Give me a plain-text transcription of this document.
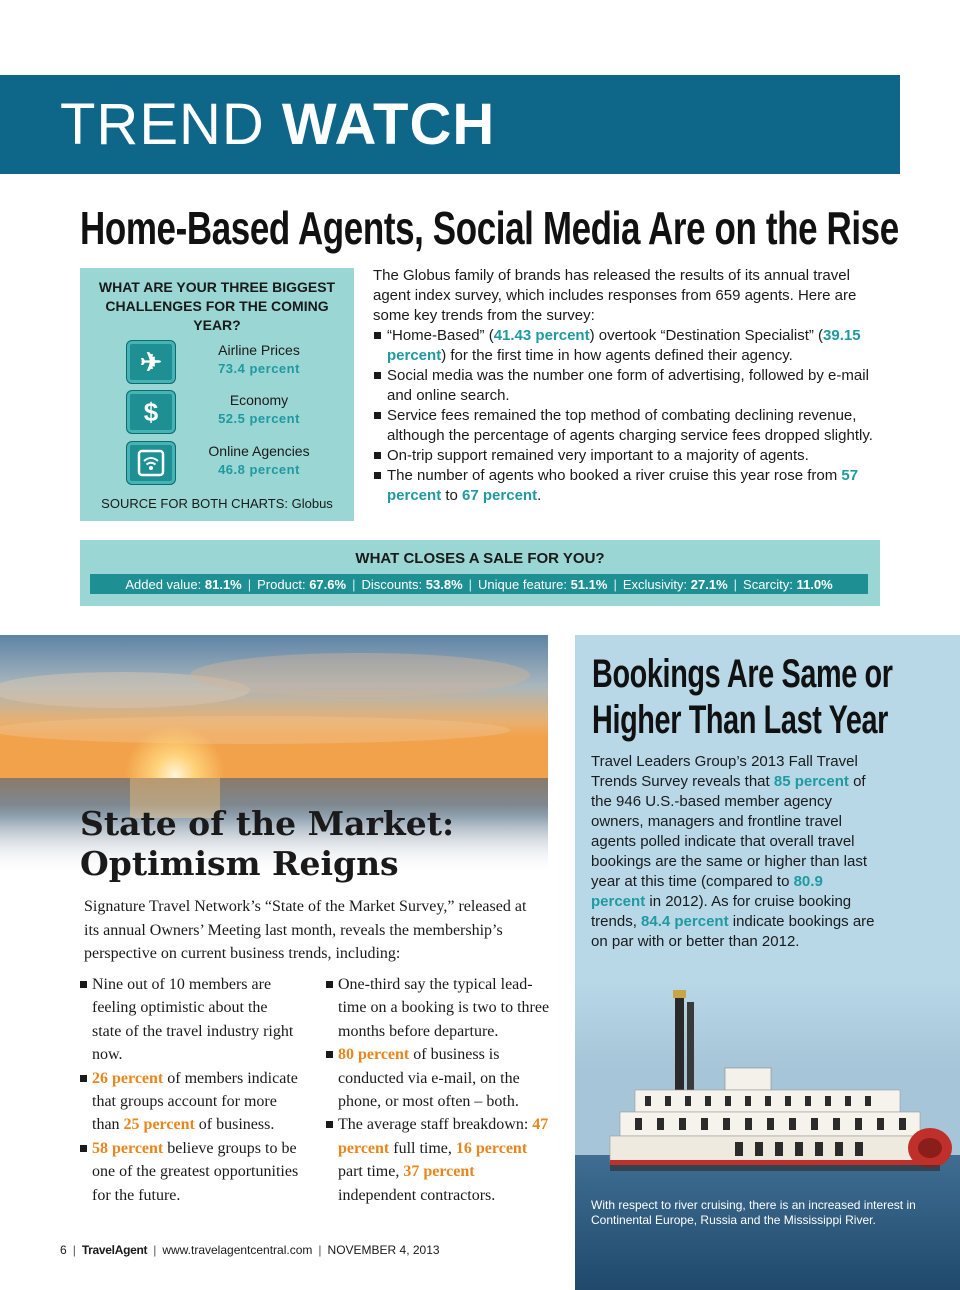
TREND WATCH
Home-Based Agents, Social Media Are on the Rise
WHAT ARE YOUR THREE BIGGEST CHALLENGES FOR THE COMING YEAR?
✈	Airline Prices
73.4 percent
$	Economy
52.5 percent
Online Agencies
46.8 percent
SOURCE FOR BOTH CHARTS: Globus

The Globus family of brands has released the results of its annual travel agent index survey, which includes responses from 659 agents. Here are some key trends from the survey:

“Home-Based” (41.43 percent) overtook “Destination Specialist” (39.15 percent) for the first time in how agents defined their agency.
Social media was the number one form of advertising, followed by e-mail and online search.
Service fees remained the top method of combating declining revenue, although the percentage of agents charging service fees dropped slightly.
On-trip support remained very important to a majority of agents.
The number of agents who booked a river cruise this year rose from 57 percent to 67 percent.
WHAT CLOSES A SALE FOR YOU?
Added value: 81.1% | Product: 67.6% | Discounts: 53.8% | Unique feature: 51.1% | Exclusivity: 27.1% | Scarcity: 11.0%
State of the Market:
Optimism Reigns

Signature Travel Network’s “State of the Market Survey,” released at its annual Owners’ Meeting last month, reveals the membership’s perspective on current business trends, including:

Nine out of 10 members are feeling optimistic about the state of the travel industry right now.
26 percent of members indicate that groups account for more than 25 percent of business.
58 percent believe groups to be one of the greatest opportunities for the future.
One-third say the typical lead-time on a booking is two to three months before departure.
80 percent of business is conducted via e-mail, on the phone, or most often – both.
The average staff breakdown: 47 percent full time, 16 percent part time, 37 percent independent contractors.
6 | TravelAgent | www.travelagentcentral.com | NOVEMBER 4, 2013
Bookings Are Same or
Higher Than Last Year

Travel Leaders Group’s 2013 Fall Travel Trends Survey reveals that 85 percent of the 946 U.S.-based member agency owners, managers and frontline travel agents polled indicate that overall travel bookings are the same or higher than last year at this time (compared to 80.9 percent in 2012). As for cruise booking trends, 84.4 percent indicate bookings are on par with or better than 2012.

With respect to river cruising, there is an increased interest in Continental Europe, Russia and the Mississippi River.
